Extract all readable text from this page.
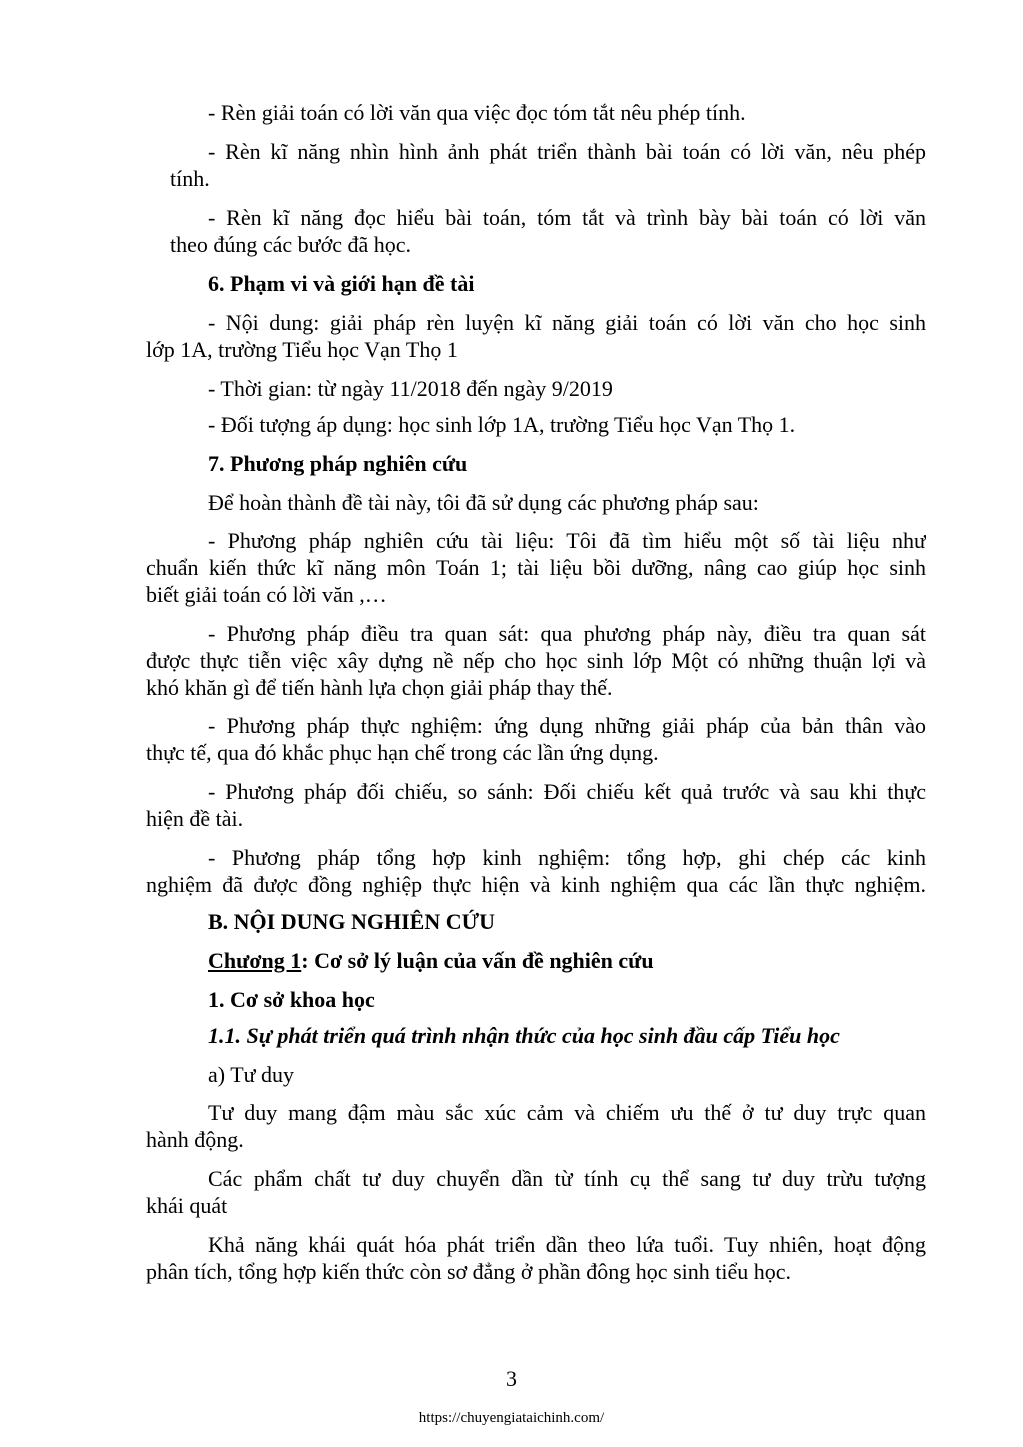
- Rèn giải toán có lời văn qua việc đọc tóm tắt nêu phép tính.
- Rèn kĩ năng nhìn hình ảnh phát triển thành bài toán có lời văn, nêu phép
tính.
- Rèn kĩ năng đọc hiểu bài toán, tóm tắt và trình bày bài toán có lời văn
theo đúng các bước đã học.
6. Phạm vi và giới hạn đề tài
- Nội dung: giải pháp rèn luyện kĩ năng giải toán có lời văn cho học sinh
lớp 1A, trường Tiểu học Vạn Thọ 1
- Thời gian: từ ngày 11/2018 đến ngày 9/2019
- Đối tượng áp dụng: học sinh lớp 1A, trường Tiểu học Vạn Thọ 1.
7. Phương pháp nghiên cứu
Để hoàn thành đề tài này, tôi đã sử dụng các phương pháp sau:
- Phương pháp nghiên cứu tài liệu: Tôi đã tìm hiểu một số tài liệu như
chuẩn kiến thức kĩ năng môn Toán 1; tài liệu bồi dưỡng, nâng cao giúp học sinh
biết giải toán có lời văn ,…
- Phương pháp điều tra quan sát: qua phương pháp này, điều tra quan sát
được thực tiễn việc xây dựng nề nếp cho học sinh lớp Một có những thuận lợi và
khó khăn gì để tiến hành lựa chọn giải pháp thay thế.
- Phương pháp thực nghiệm: ứng dụng những giải pháp của bản thân vào
thực tế, qua đó khắc phục hạn chế trong các lần ứng dụng.
- Phương pháp đối chiếu, so sánh: Đối chiếu kết quả trước và sau khi thực
hiện đề tài.
- Phương pháp tổng hợp kinh nghiệm: tổng hợp, ghi chép các kinh
nghiệm đã được đồng nghiệp thực hiện và kinh nghiệm qua các lần thực nghiệm.
B. NỘI DUNG NGHIÊN CỨU
Chương 1: Cơ sở lý luận của vấn đề nghiên cứu
1. Cơ sở khoa học
1.1. Sự phát triển quá trình nhận thức của học sinh đầu cấp Tiểu học
a) Tư duy
Tư duy mang đậm màu sắc xúc cảm và chiếm ưu thế ở tư duy trực quan
hành động.
Các phẩm chất tư duy chuyển dần từ tính cụ thể sang tư duy trừu tượng
khái quát
Khả năng khái quát hóa phát triển dần theo lứa tuổi. Tuy nhiên, hoạt động
phân tích, tổng hợp kiến thức còn sơ đẳng ở phần đông học sinh tiểu học.
3
https://chuyengiataichinh.com/
